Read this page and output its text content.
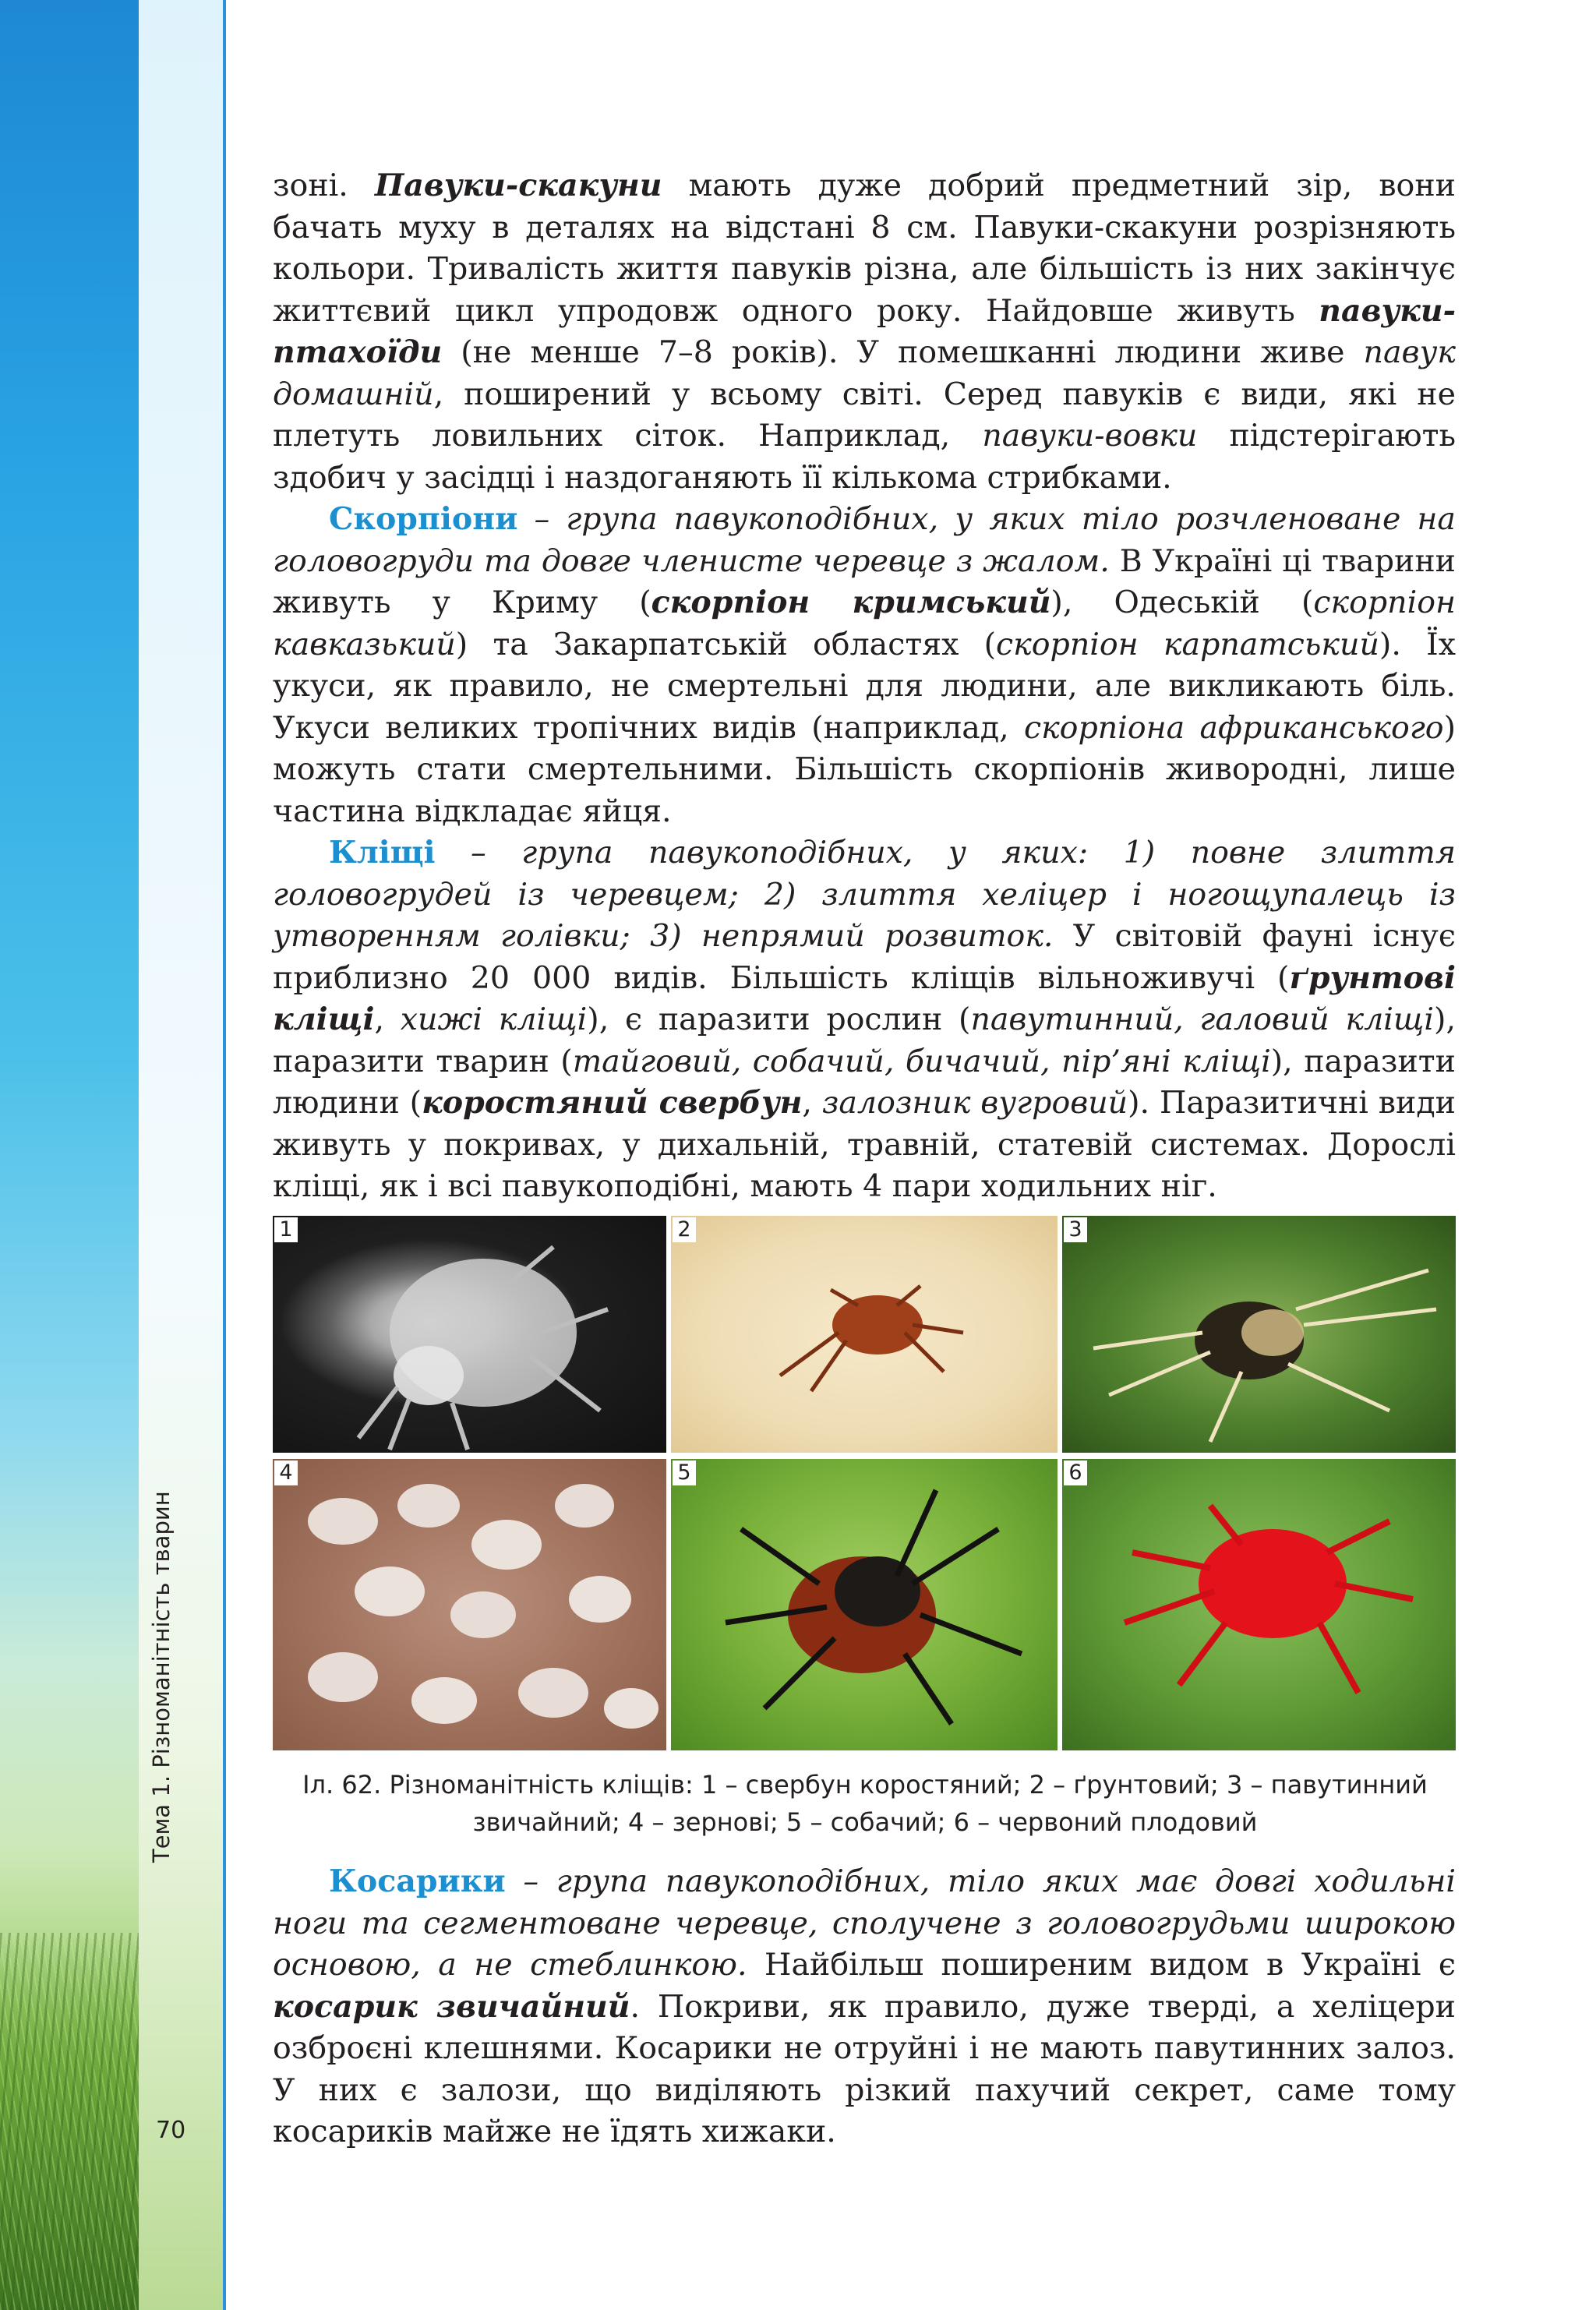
Тема 1. Різноманітність тварин
70

зоні. Павуки-скакуни мають дуже добрий предметний зір, вони бачать муху в деталях на відстані 8 см. Павуки-скакуни розрізняють кольори. Тривалість життя павуків різна, але більшість із них закінчує життєвий цикл упродовж одного року. Найдовше живуть павуки-птахоїди (не менше 7–8 років). У помешканні людини живе павук домашній, поширений у всьому світі. Серед павуків є види, які не плетуть ловильних сіток. Наприклад, павуки-вовки підстерігають здобич у засідці і наздоганяють її кількома стрибками.

Скорпіони – група павукоподібних, у яких тіло розчленоване на головогруди та довге членисте черевце з жалом. В Україні ці тварини живуть у Криму (скорпіон кримський), Одеській (скорпіон кавказький) та Закарпатській областях (скорпіон карпатський). Їх укуси, як правило, не смертельні для людини, але викликають біль. Укуси великих тропічних видів (наприклад, скорпіона африканського) можуть стати смертельними. Більшість скорпіонів живородні, лише частина відкладає яйця.

Кліщі – група павукоподібних, у яких: 1) повне злиття головогрудей із черевцем; 2) злиття хеліцер і ногощупалець із утворенням голівки; 3) непрямий розвиток. У світовій фауні існує приблизно 20 000 видів. Більшість кліщів вільноживучі (ґрунтові кліщі, хижі кліщі), є паразити рослин (павутинний, галовий кліщі), паразити тварин (тайговий, собачий, бичачий, пір’яні кліщі), паразити людини (коростяний свербун, залозник вугровий). Паразитичні види живуть у покривах, у дихальній, травній, статевій системах. Дорослі кліщі, як і всі павукоподібні, мають 4 пари ходильних ніг.

1	2	3
4	5	6
Іл. 62. Різноманітність кліщів: 1 – свербун коростяний; 2 – ґрунтовий; 3 – павутинний
звичайний; 4 – зернові; 5 – собачий; 6 – червоний плодовий

Косарики – група павукоподібних, тіло яких має довгі ходильні ноги та сегментоване черевце, сполучене з головогрудьми широкою основою, а не стеблинкою. Найбільш поширеним видом в Україні є косарик звичайний. Покриви, як правило, дуже тверді, а хеліцери озброєні клешнями. Косарики не отруйні і не мають павутинних залоз. У них є залози, що виділяють різкий пахучий секрет, саме тому косариків майже не їдять хижаки.
